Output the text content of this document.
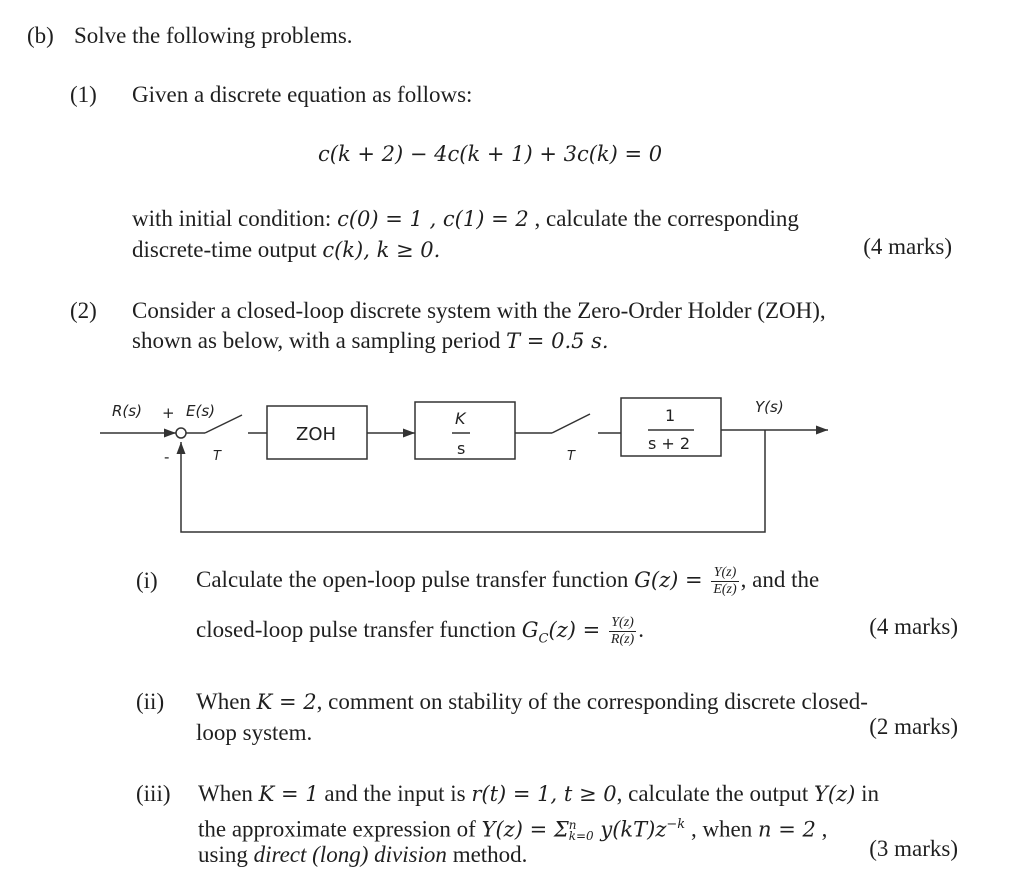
(b) Solve the following problems.
(1) Given a discrete equation as follows:
c(k + 2) − 4c(k + 1) + 3c(k) = 0
with initial condition: c(0) = 1 , c(1) = 2 , calculate the corresponding
discrete-time output c(k), k ≥ 0.	(4 marks)
(2) Consider a closed-loop discrete system with the Zero-Order Holder (ZOH),
shown as below, with a sampling period T = 0.5 s.
R(s) + E(s)
-	T
ZOH
K
s	T
1
s + 2
Y(s)
(i) Calculate the open-loop pulse transfer function $G(z) = \frac{Y(z)}{E(z)}$ , and the
closed-loop pulse transfer function $G_C(z) = \frac{Y(z)}{R(z)}$ .	(4 marks)
(ii) When K = 2, comment on stability of the corresponding discrete closed-
loop system.	(2 marks)
(iii) When K = 1 and the input is r(t) = 1, t ≥ 0, calculate the output Y(z) in
the approximate expression of Y(z) = Σ n
k=0 $y(kT)z^{-k}$ , when n = 2 ,
using direct (long) division method.	(3 marks)
